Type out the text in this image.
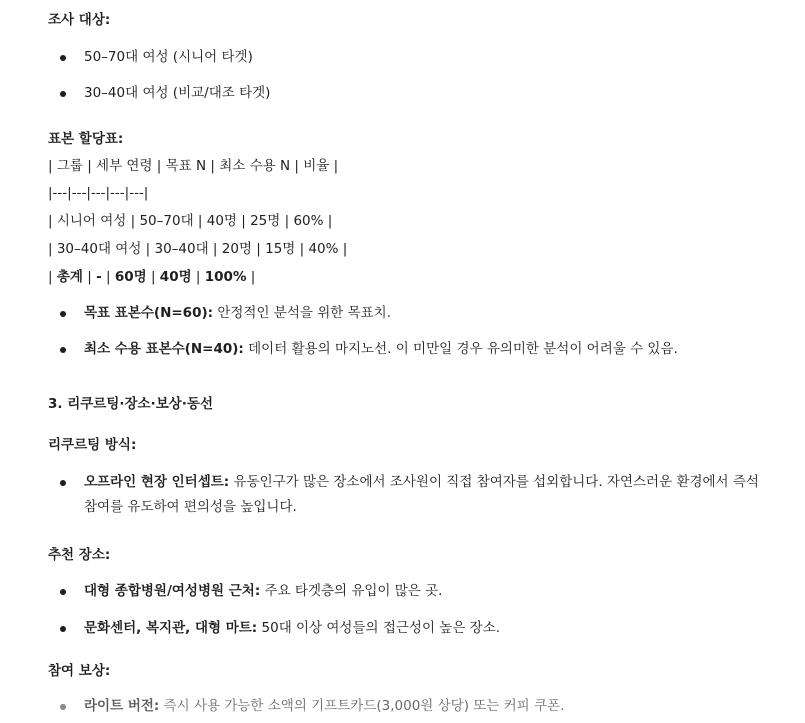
조사 대상:
50–70대 여성 (시니어 타겟)
30–40대 여성 (비교/대조 타겟)
표본 할당표:
| 그룹 | 세부 연령 | 목표 N | 최소 수용 N | 비율 |
|---|---|---|---|---|
| 시니어 여성 | 50–70대 | 40명 | 25명 | 60% |
| 30–40대 여성 | 30–40대 | 20명 | 15명 | 40% |
| 총계 | - | 60명 | 40명 | 100% |
목표 표본수(N=60): 안정적인 분석을 위한 목표치.
최소 수용 표본수(N=40): 데이터 활용의 마지노선. 이 미만일 경우 유의미한 분석이 어려울 수 있음.
3. 리쿠르팅·장소·보상·동선
리쿠르팅 방식:
오프라인 현장 인터셉트: 유동인구가 많은 장소에서 조사원이 직접 참여자를 섭외합니다. 자연스러운 환경에서 즉석 참여를 유도하여 편의성을 높입니다.
추천 장소:
대형 종합병원/여성병원 근처: 주요 타겟층의 유입이 많은 곳.
문화센터, 복지관, 대형 마트: 50대 이상 여성들의 접근성이 높은 장소.
참여 보상:
라이트 버전: 즉시 사용 가능한 소액의 기프트카드(3,000원 상당) 또는 커피 쿠폰.
